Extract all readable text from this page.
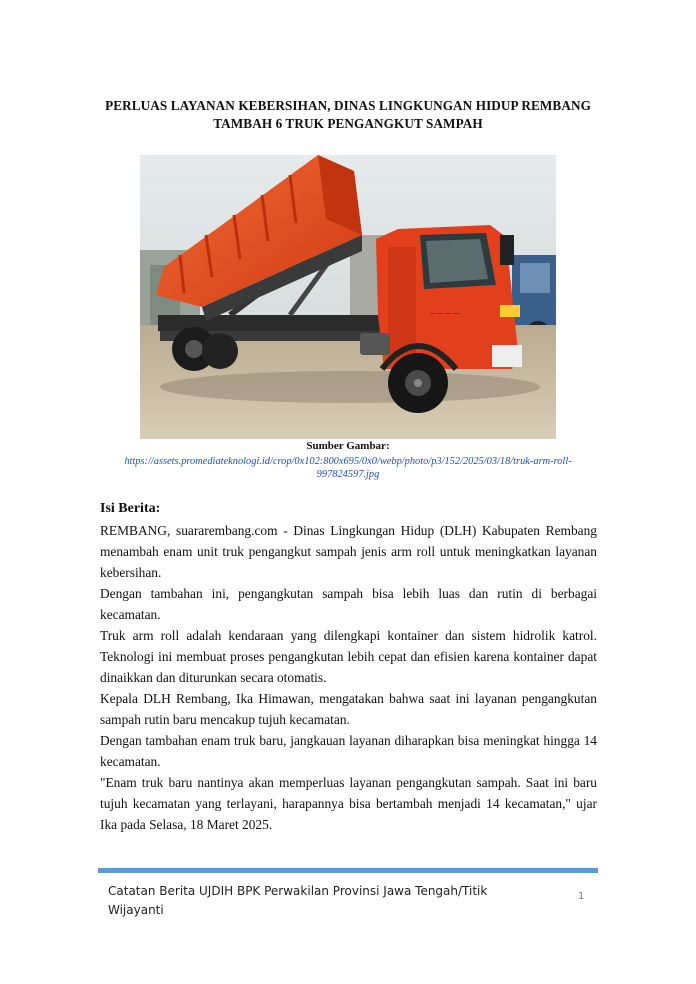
PERLUAS LAYANAN KEBERSIHAN, DINAS LINGKUNGAN HIDUP REMBANG TAMBAH 6 TRUK PENGANGKUT SAMPAH
— — — —
Sumber Gambar:
https://assets.promediateknologi.id/crop/0x102:800x695/0x0/webp/photo/p3/152/2025/03/18/truk-arm-roll-997824597.jpg
Isi Berita:

REMBANG, suararembang.com - Dinas Lingkungan Hidup (DLH) Kabupaten Rembang menambah enam unit truk pengangkut sampah jenis arm roll untuk meningkatkan layanan kebersihan.

Dengan tambahan ini, pengangkutan sampah bisa lebih luas dan rutin di berbagai kecamatan.

Truk arm roll adalah kendaraan yang dilengkapi kontainer dan sistem hidrolik katrol. Teknologi ini membuat proses pengangkutan lebih cepat dan efisien karena kontainer dapat dinaikkan dan diturunkan secara otomatis.

Kepala DLH Rembang, Ika Himawan, mengatakan bahwa saat ini layanan pengangkutan sampah rutin baru mencakup tujuh kecamatan.

Dengan tambahan enam truk baru, jangkauan layanan diharapkan bisa meningkat hingga 14 kecamatan.

"Enam truk baru nantinya akan memperluas layanan pengangkutan sampah. Saat ini baru tujuh kecamatan yang terlayani, harapannya bisa bertambah menjadi 14 kecamatan," ujar Ika pada Selasa, 18 Maret 2025.

Catatan Berita UJDIH BPK Perwakilan Provinsi Jawa Tengah/Titik Wijayanti
1
